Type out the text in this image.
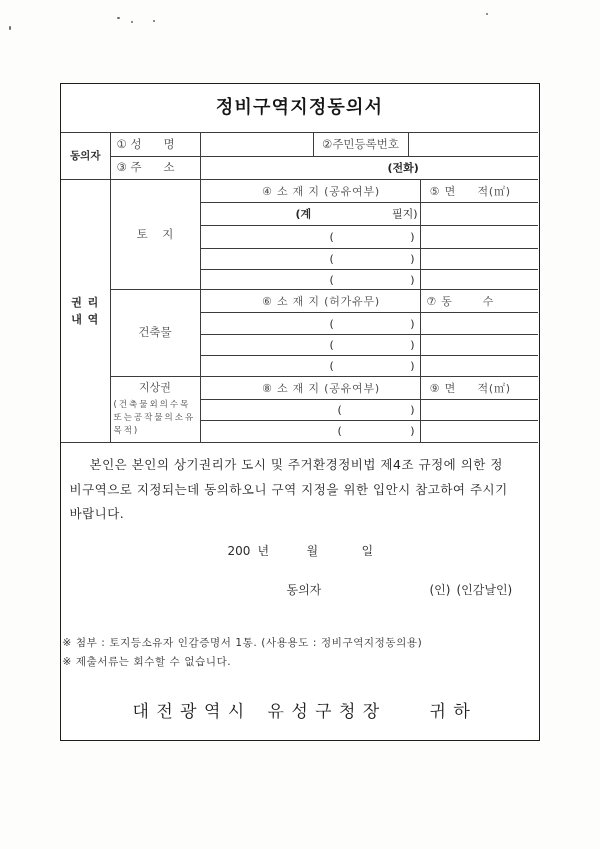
정비구역지정동의서					
동의자	① 성      명		②주민등록번호		
	③ 주      소	(전화)			

권 리
내 역	토    지	④ 소 재 지 (공유여부)			⑤ 면     적(㎡)

		(계 필지)			

		( )			

		( )			

		( )			

	건축물	⑥ 소 재 지 (허가유무)			⑦ 동       수

		( )			

		( )			

		( )			

	지상권
(건축물외의수목
또는공작물의소유
목적)	⑧ 소 재 지 (공유여부)			⑨ 면     적(㎡)

		( )			

		( )			

본인은 본인의 상기권리가 도시 및 주거환경정비법 제4조 규정에 의한 정
비구역으로 지정되는데 동의하오니 구역 지정을 위한 입안시 참고하여 주시기
바랍니다.
200 년	월	일
동의자	(인) (인감날인)
※ 첨부 : 토지등소유자 인감증명서 1통. (사용용도 : 정비구역지정동의용)
※ 제출서류는 회수할 수 없습니다.
대 전 광 역 시 유 성 구 청 장	귀 하
